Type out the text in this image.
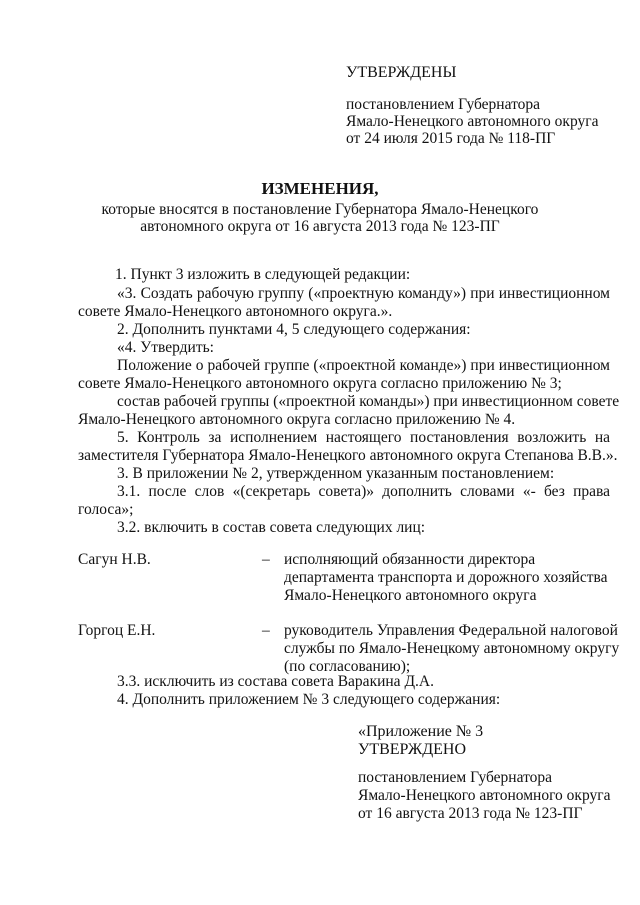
УТВЕРЖДЕНЫ
постановлением Губернатора
Ямало-Ненецкого автономного округа
от 24 июля 2015 года № 118-ПГ
ИЗМЕНЕНИЯ,
которые вносятся в постановление Губернатора Ямало-Ненецкого
автономного округа от 16 августа 2013 года № 123-ПГ
1. Пункт 3 изложить в следующей редакции:
«3. Создать рабочую группу («проектную команду») при инвестиционном
совете Ямало-Ненецкого автономного округа.».
2. Дополнить пунктами 4, 5 следующего содержания:
«4. Утвердить:
Положение о рабочей группе («проектной команде») при инвестиционном
совете Ямало-Ненецкого автономного округа согласно приложению № 3;
состав рабочей группы («проектной команды») при инвестиционном совете
Ямало-Ненецкого автономного округа согласно приложению № 4.
5. Контроль за исполнением настоящего постановления возложить на
заместителя Губернатора Ямало-Ненецкого автономного округа Степанова В.В.».
3. В приложении № 2, утвержденном указанным постановлением:
3.1. после слов «(секретарь совета)» дополнить словами «- без права
голоса»;
3.2. включить в состав совета следующих лиц:
Сагун Н.В.	– исполняющий обязанности директора
департамента транспорта и дорожного хозяйства
Ямало-Ненецкого автономного округа
Горгоц Е.Н.	– руководитель Управления Федеральной налоговой
службы по Ямало-Ненецкому автономному округу
(по согласованию);
3.3. исключить из состава совета Варакина Д.А.
4. Дополнить приложением № 3 следующего содержания:
«Приложение № 3
УТВЕРЖДЕНО
постановлением Губернатора
Ямало-Ненецкого автономного округа
от 16 августа 2013 года № 123-ПГ
